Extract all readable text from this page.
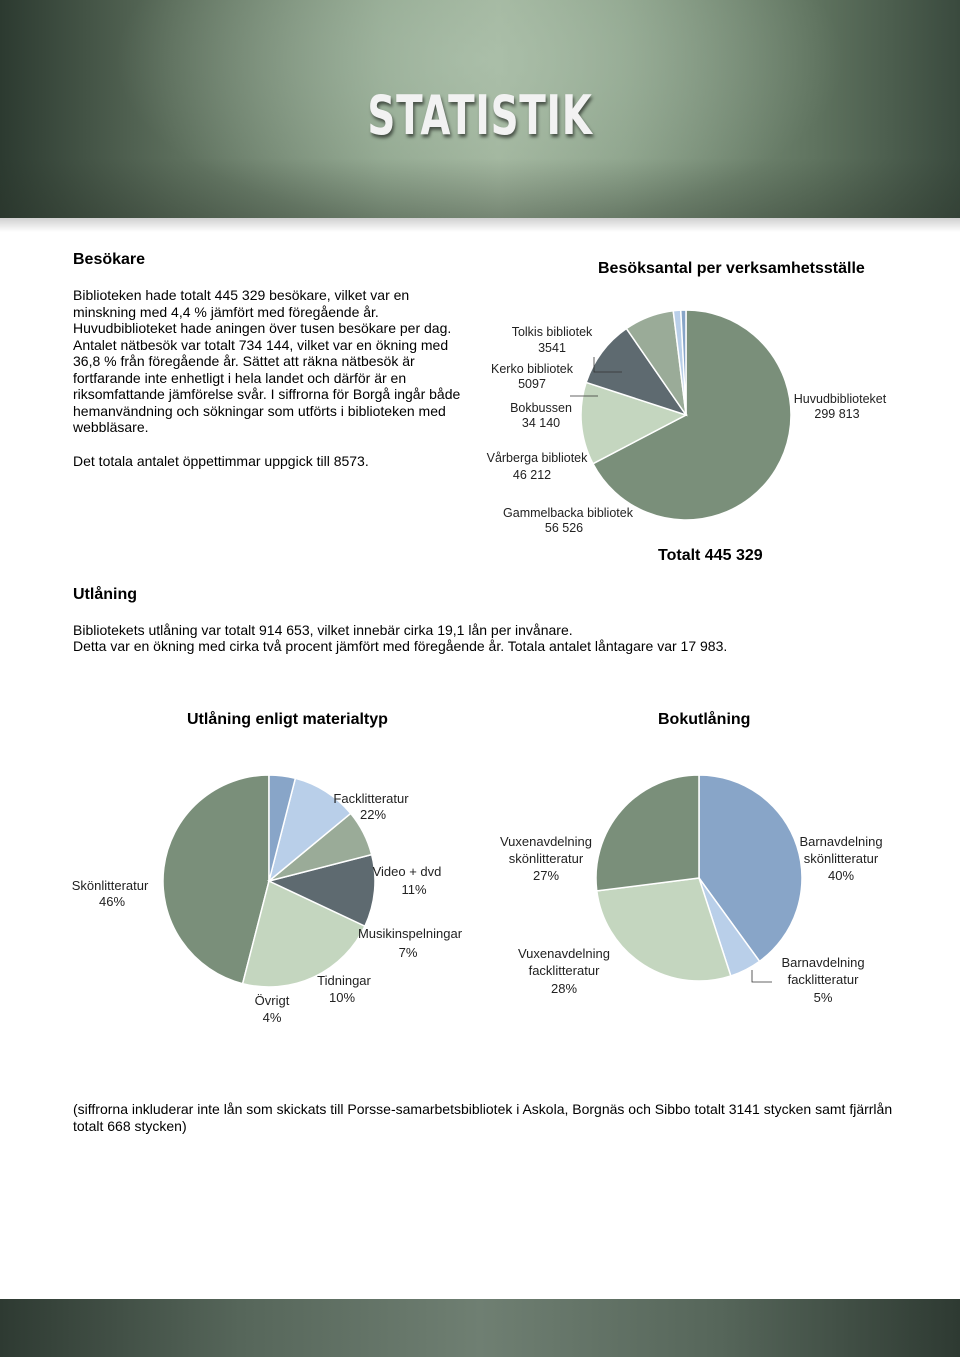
STATISTIK
Besökare
Biblioteken hade totalt 445 329 besökare, vilket var en minskning med 4,4 % jämfört med föregående år. Huvudbiblioteket hade aningen över tusen besökare per dag. Antalet nätbesök var totalt 734 144, vilket var en ökning med 36,8 % från föregående år. Sättet att räkna nätbesök är fortfarande inte enhetligt i hela landet och därför är en riksomfattande jämförelse svår. I siffrorna för Borgå ingår både hemanvändning och sökningar som utförts i biblioteken med webbläsare.
Det totala antalet öppettimmar uppgick till 8573.
Besöksantal per verksamhetsställe
Tolkis bibliotek
3541
Kerko bibliotek
5097
Bokbussen
34 140
Vårberga bibliotek
46 212
Gammelbacka bibliotek
56 526
Huvudbiblioteket
299 813
Totalt 445 329
Utlåning
Bibliotekets utlåning var totalt 914 653, vilket innebär cirka 19,1 lån per invånare.
Detta var en ökning med cirka två procent jämfört med föregående år. Totala antalet låntagare var 17 983.
Utlåning enligt materialtyp
Skönlitteratur
46%
Facklitteratur
22%
Video + dvd
11%
Musikinspelningar
7%
Tidningar
10%
Övrigt
4%
Bokutlåning
Barnavdelning skönlitteratur
40%
Barnavdelning facklitteratur
5%
Vuxenavdelning facklitteratur
28%
Vuxenavdelning skönlitteratur
27%
(siffrorna inkluderar inte lån som skickats till Porsse-samarbetsbibliotek i Askola, Borgnäs och Sibbo totalt 3141 stycken samt fjärrlån totalt 668 stycken)
